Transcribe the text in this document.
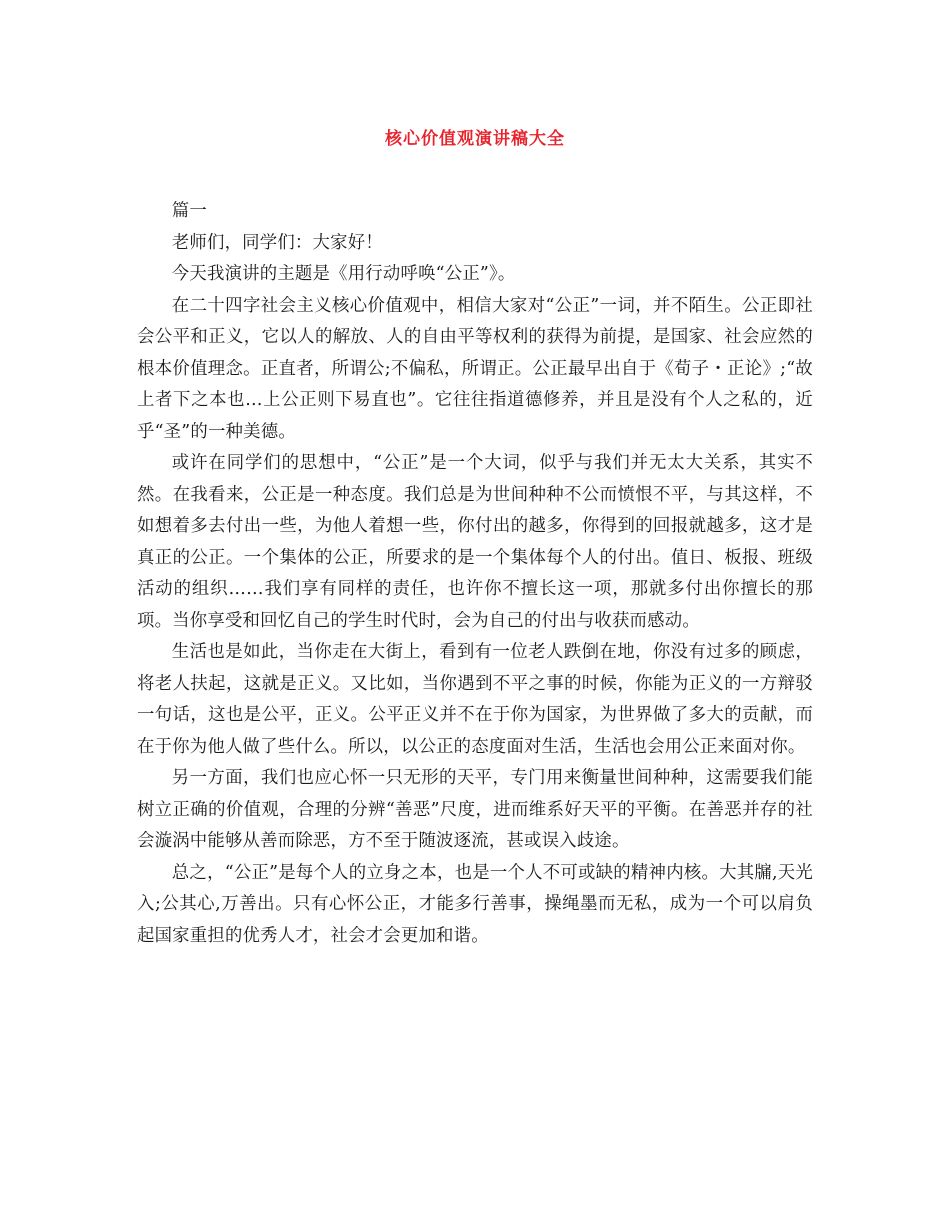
核心价值观演讲稿大全

篇一

老师们，同学们：大家好！

今天我演讲的主题是《用行动呼唤“公正”》。

在二十四字社会主义核心价值观中，相信大家对“公正”一词，并不陌生。公正即社会公平和正义，它以人的解放、人的自由平等权利的获得为前提，是国家、社会应然的根本价值理念。正直者，所谓公;不偏私，所谓正。公正最早出自于《荀子・正论》;“故上者下之本也…上公正则下易直也”。它往往指道德修养，并且是没有个人之私的，近乎“圣”的一种美德。

或许在同学们的思想中，“公正”是一个大词，似乎与我们并无太大关系，其实不然。在我看来，公正是一种态度。我们总是为世间种种不公而愤恨不平，与其这样，不如想着多去付出一些，为他人着想一些，你付出的越多，你得到的回报就越多，这才是真正的公正。一个集体的公正，所要求的是一个集体每个人的付出。值日、板报、班级活动的组织……我们享有同样的责任，也许你不擅长这一项，那就多付出你擅长的那项。当你享受和回忆自己的学生时代时，会为自己的付出与收获而感动。

生活也是如此，当你走在大街上，看到有一位老人跌倒在地，你没有过多的顾虑，将老人扶起，这就是正义。又比如，当你遇到不平之事的时候，你能为正义的一方辩驳一句话，这也是公平，正义。公平正义并不在于你为国家，为世界做了多大的贡献，而在于你为他人做了些什么。所以，以公正的态度面对生活，生活也会用公正来面对你。

另一方面，我们也应心怀一只无形的天平，专门用来衡量世间种种，这需要我们能树立正确的价值观，合理的分辨“善恶”尺度，进而维系好天平的平衡。在善恶并存的社会漩涡中能够从善而除恶，方不至于随波逐流，甚或误入歧途。

总之，“公正”是每个人的立身之本，也是一个人不可或缺的精神内核。大其牖,天光入;公其心,万善出。只有心怀公正，才能多行善事，操绳墨而无私，成为一个可以肩负起国家重担的优秀人才，社会才会更加和谐。
